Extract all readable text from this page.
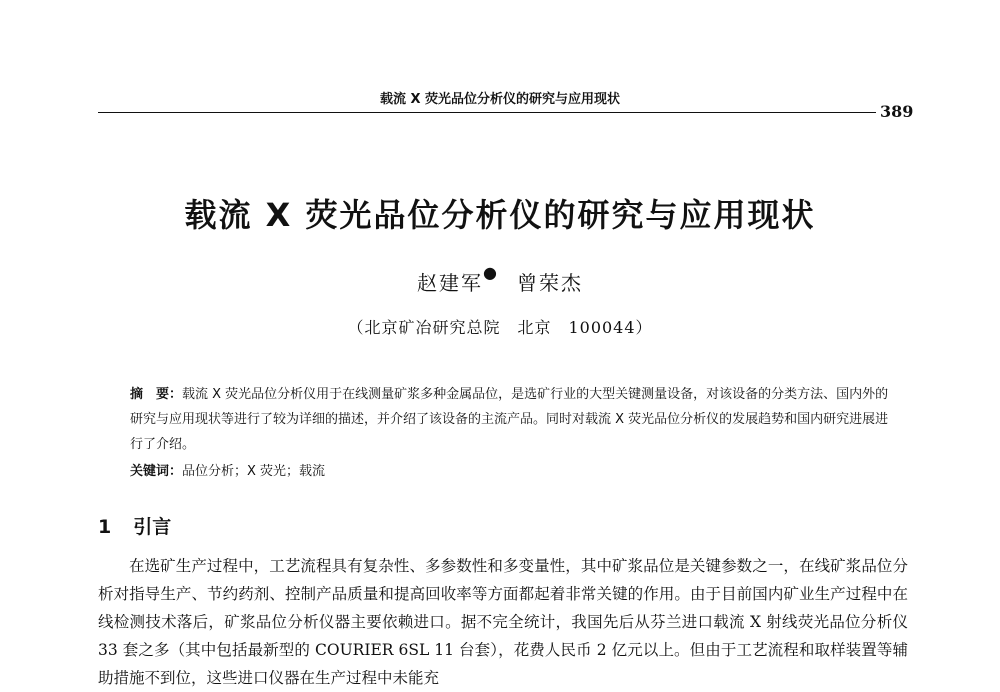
载流 X 荧光品位分析仪的研究与应用现状
389
载流 X 荧光品位分析仪的研究与应用现状
赵建军● 曾荣杰
（北京矿冶研究总院　北京　100044）
摘　要：载流 X 荧光品位分析仪用于在线测量矿浆多种金属品位，是选矿行业的大型关键测量设备，对该设备的分类方法、国内外的研究与应用现状等进行了较为详细的描述，并介绍了该设备的主流产品。同时对载流 X 荧光品位分析仪的发展趋势和国内研究进展进行了介绍。
关键词：品位分析；X 荧光；载流
1 引言

在选矿生产过程中，工艺流程具有复杂性、多参数性和多变量性，其中矿浆品位是关键参数之一，在线矿浆品位分析对指导生产、节约药剂、控制产品质量和提高回收率等方面都起着非常关键的作用。由于目前国内矿业生产过程中在线检测技术落后，矿浆品位分析仪器主要依赖进口。据不完全统计，我国先后从芬兰进口载流 X 射线荧光品位分析仪 33 套之多（其中包括最新型的 COURIER 6SL 11 台套），花费人民币 2 亿元以上。但由于工艺流程和取样装置等辅助措施不到位，这些进口仪器在生产过程中未能充
